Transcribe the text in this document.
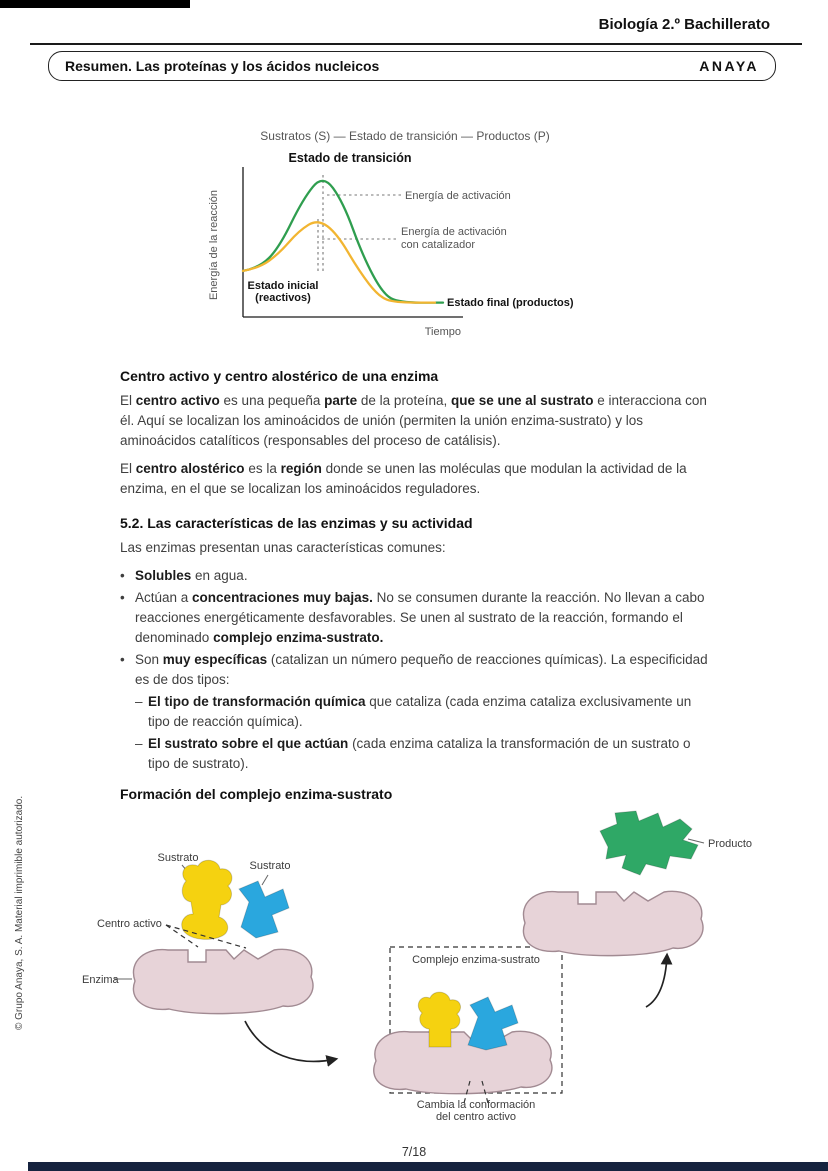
Biología 2.º Bachillerato
Resumen. Las proteínas y los ácidos nucleicos	ANAYA
Sustratos (S) — Estado de transición — Productos (P)
Estado de transición
Energía de la reacción
Tiempo
Energía de activación
Energía de activación
con catalizador
Estado inicial
(reactivos)	Estado final (productos)
Centro activo y centro alostérico de una enzima

El centro activo es una pequeña parte de la proteína, que se une al sustrato e interacciona con él. Aquí se localizan los aminoácidos de unión (permiten la unión enzima-sustrato) y los aminoácidos catalíticos (responsables del proceso de catálisis).

El centro alostérico es la región donde se unen las moléculas que modulan la actividad de la enzima, en el que se localizan los aminoácidos reguladores.

5.2. Las características de las enzimas y su actividad

Las enzimas presentan unas características comunes:

• Solubles en agua.
• Actúan a concentraciones muy bajas. No se consumen durante la reacción. No llevan a cabo reacciones energéticamente desfavorables. Se unen al sustrato de la reacción, formando el denominado complejo enzima-sustrato.
• Son muy específicas (catalizan un número pequeño de reacciones químicas). La especificidad es de dos tipos:
– El tipo de transformación química que cataliza (cada enzima cataliza exclusivamente un tipo de reacción química).
– El sustrato sobre el que actúan (cada enzima cataliza la transformación de un sustrato o tipo de sustrato).
Formación del complejo enzima-sustrato
Sustrato
Sustrato
Centro activo
Enzima
Complejo enzima-sustrato
Cambia la conformación
del centro activo
Producto
7/18
© Grupo Anaya, S. A. Material imprimible autorizado.
